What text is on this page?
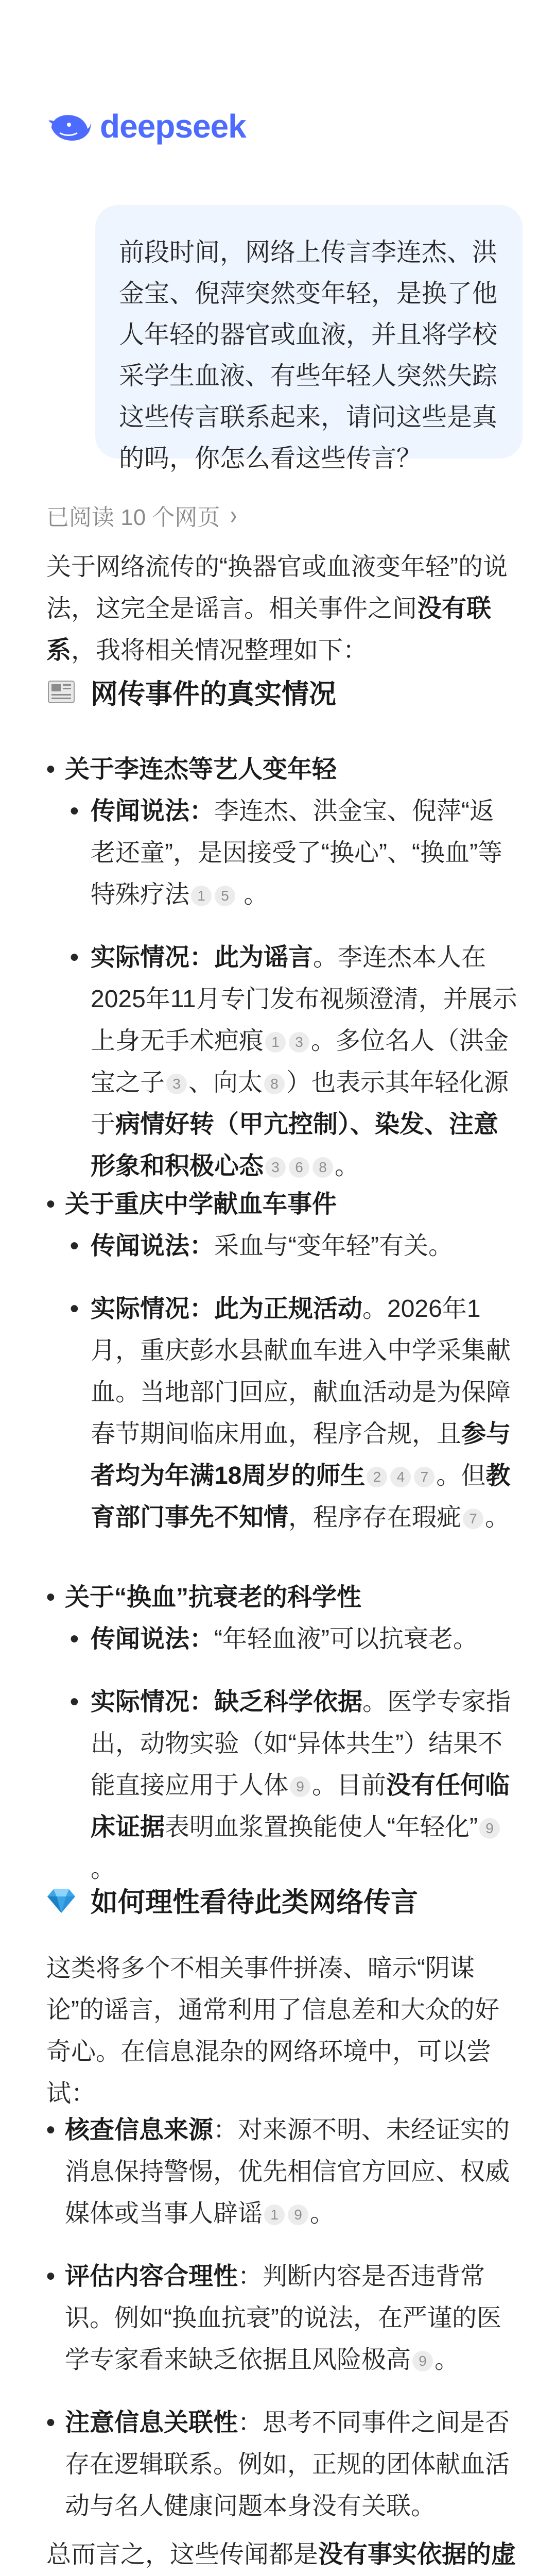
deepseek
前段时间，网络上传言李连杰、洪金宝、倪萍突然变年轻，是换了他人年轻的器官或血液，并且将学校采学生血液、有些年轻人突然失踪这些传言联系起来，请问这些是真的吗，你怎么看这些传言？
已阅读 10 个网页 ›

关于网络流传的“换器官或血液变年轻”的说法，这完全是谣言。相关事件之间没有联系，我将相关情况整理如下：

网传事件的真实情况
• 关于李连杰等艺人变年轻
• 传闻说法：李连杰、洪金宝、倪萍“返老还童”，是因接受了“换心”、“换血”等特殊疗法 1 5 。
• 实际情况：此为谣言。李连杰本人在2025年11月专门发布视频澄清，并展示上身无手术疤痕 1 3 。多位名人（洪金宝之子 3 、向太 8 ）也表示其年轻化源于病情好转（甲亢控制）、染发、注意形象和积极心态 3 6 8 。
• 关于重庆中学献血车事件
• 传闻说法：采血与“变年轻”有关。
• 实际情况：此为正规活动。2026年1月，重庆彭水县献血车进入中学采集献血。当地部门回应，献血活动是为保障春节期间临床用血，程序合规，且参与者均为年满18周岁的师生 2 4 7 。但教育部门事先不知情，程序存在瑕疵 7 。
• 关于“换血”抗衰老的科学性
• 传闻说法：“年轻血液”可以抗衰老。
• 实际情况：缺乏科学依据。医学专家指出，动物实验（如“异体共生”）结果不能直接应用于人体 9 。目前没有任何临床证据表明血浆置换能使人“年轻化” 9。
如何理性看待此类网络传言

这类将多个不相关事件拼凑、暗示“阴谋论”的谣言，通常利用了信息差和大众的好奇心。在信息混杂的网络环境中，可以尝试：

• 核查信息来源：对来源不明、未经证实的消息保持警惕，优先相信官方回应、权威媒体或当事人辟谣 1 9 。
• 评估内容合理性：判断内容是否违背常识。例如“换血抗衰”的说法，在严谨的医学专家看来缺乏依据且风险极高 9 。
• 注意信息关联性：思考不同事件之间是否存在逻辑联系。例如，正规的团体献血活动与名人健康问题本身没有关联。

总而言之，这些传闻都是没有事实依据的虚
